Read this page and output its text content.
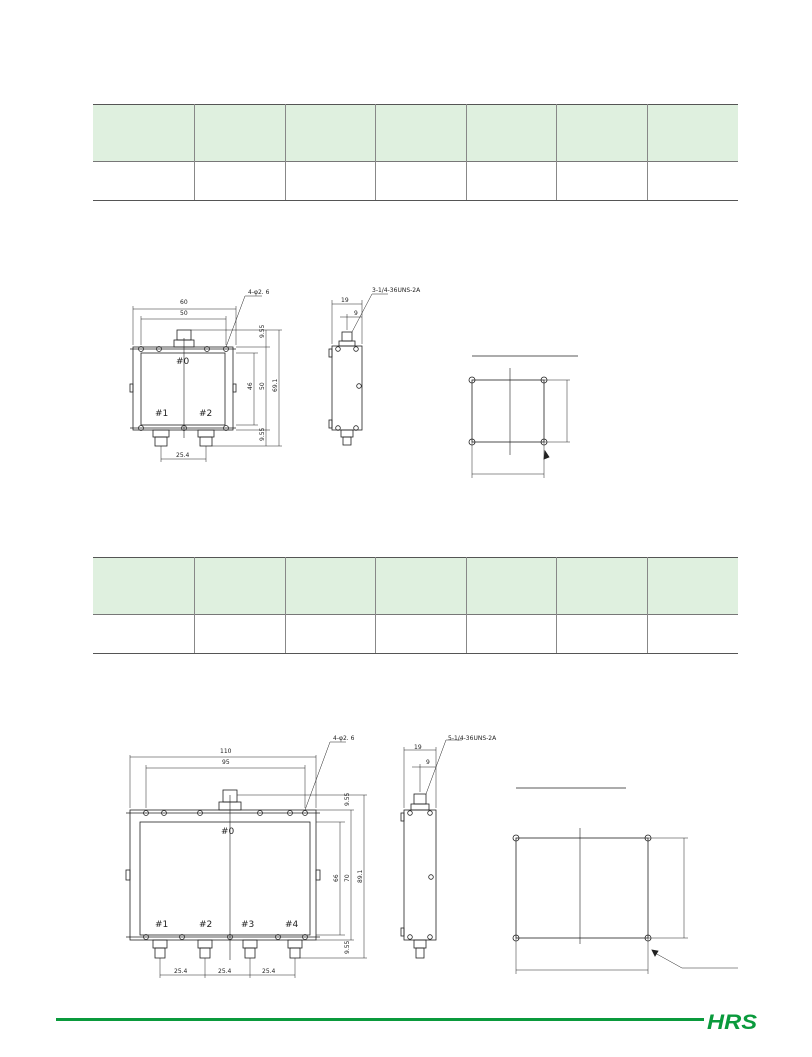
60
50
4-φ2. 6
19
9
3-1/4-36UNS-2A
9.55
46 50 69.1
9.55
25.4
#0
#1	#2
110
95
4-φ2. 6
19
9
5-1/4-36UNS-2A
9.55
66 70 89.1
9.55
25.4	25.4	25.4
#0
#1	#2	#3	#4
HRS
